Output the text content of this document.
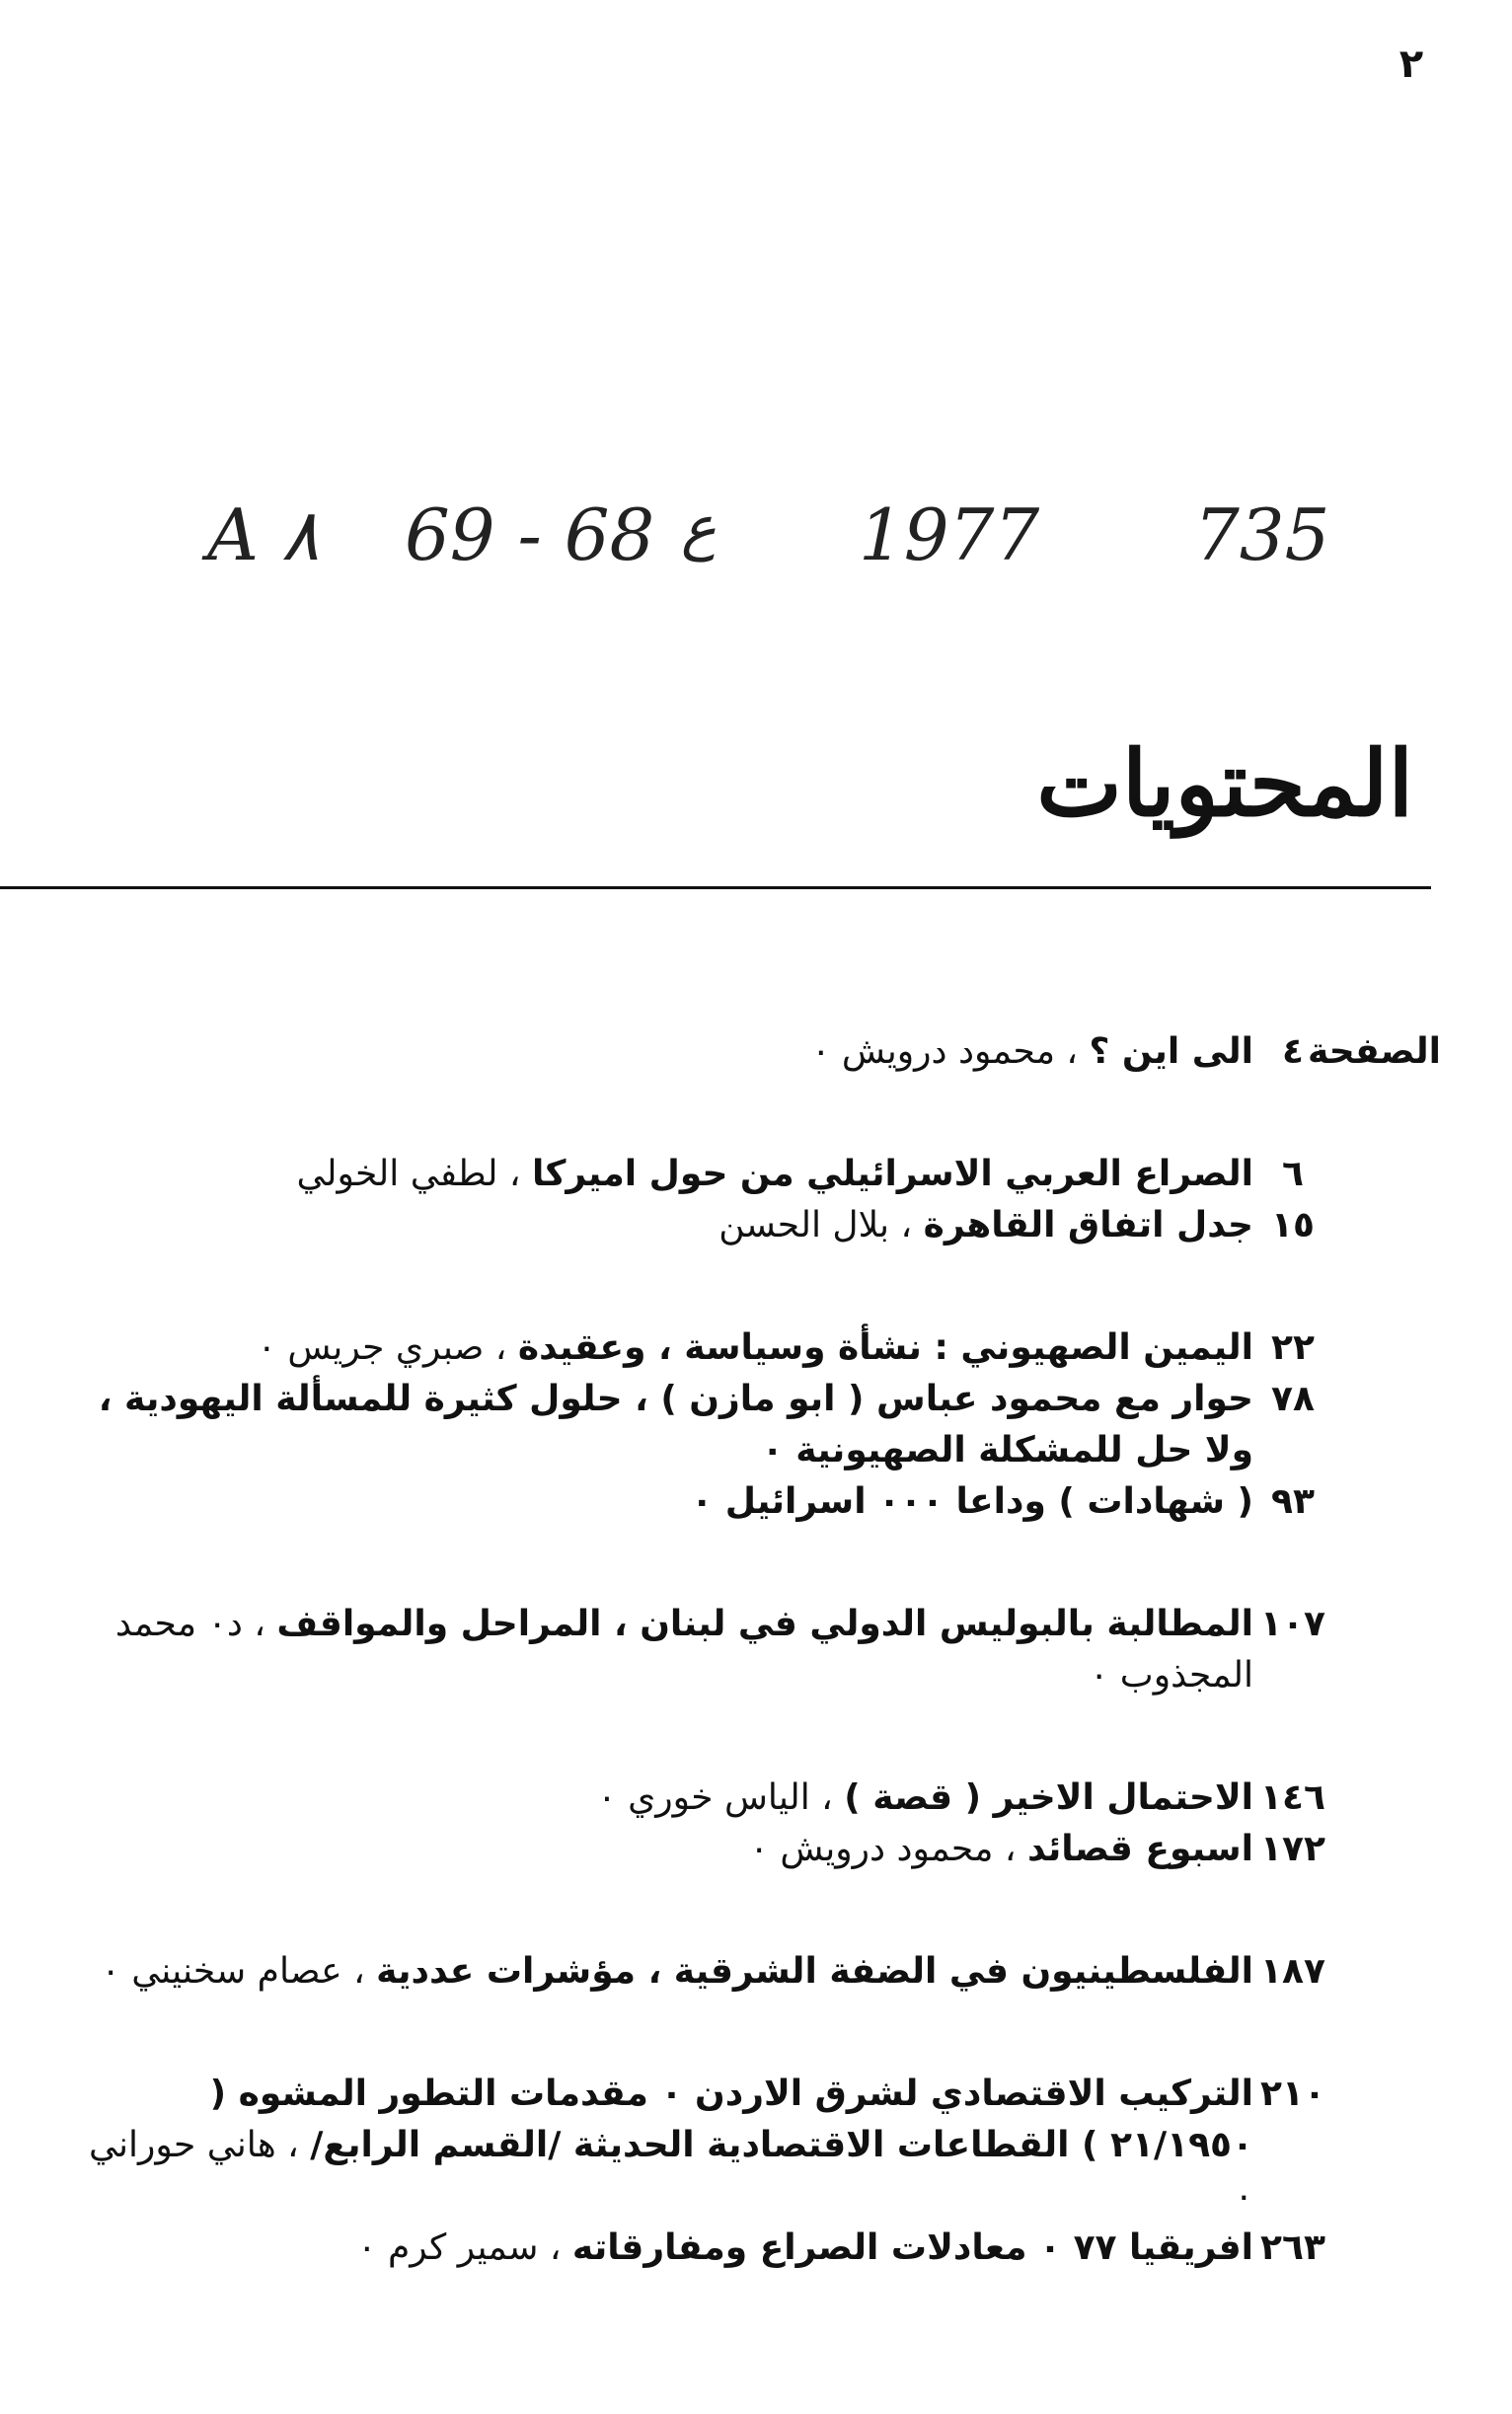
٢
A ٨ 69 - 68 ع 1977 735
المحتويات
الصفحة
٤
الى اين ؟ ، محمود درويش ٠
٦
الصراع العربي الاسرائيلي من حول اميركا ، لطفي الخولي
١٥
جدل اتفاق القاهرة ، بلال الحسن
٢٢
اليمين الصهيوني : نشأة وسياسة ، وعقيدة ، صبري جريس ٠
٧٨
حوار مع محمود عباس ( ابو مازن ) ، حلول كثيرة للمسألة اليهودية ، ولا حل للمشكلة الصهيونية ٠
٩٣
( شهادات ) وداعا ٠٠٠ اسرائيل ٠
١٠٧
المطالبة بالبوليس الدولي في لبنان ، المراحل والمواقف ، د٠ محمد المجذوب ٠
١٤٦
الاحتمال الاخير ( قصة ) ، الياس خوري ٠
١٧٢
اسبوع قصائد ، محمود درويش ٠
١٨٧
الفلسطينيون في الضفة الشرقية ، مؤشرات عددية ، عصام سخنيني ٠
٢١٠
التركيب الاقتصادي لشرق الاردن ٠ مقدمات التطور المشوه ( ٢١/١٩٥٠ ) القطاعات الاقتصادية الحديثة /القسم الرابع/ ، هاني حوراني ٠
٢٦٣
افريقيا ٧٧ ٠ معادلات الصراع ومفارقاته ، سمير كرم ٠
